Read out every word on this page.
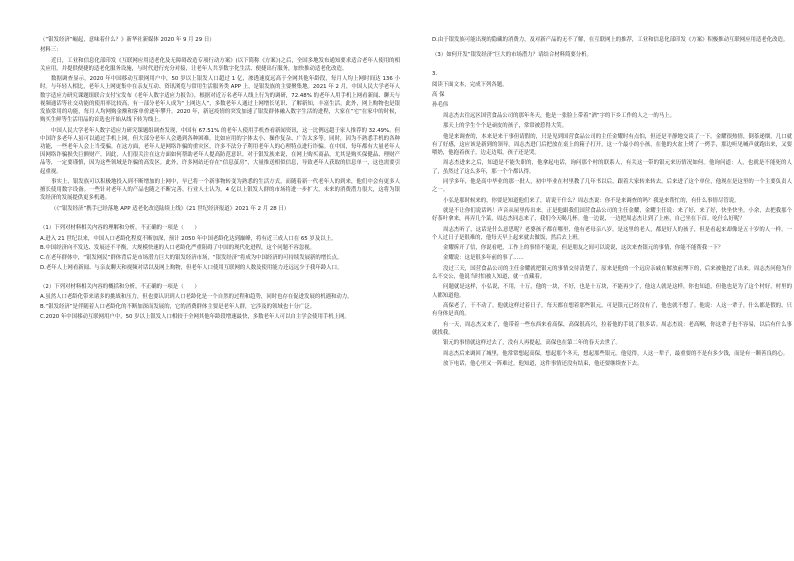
（“银发经济”崛起，意味着什么？》新华社新媒体 2020 年 9 月 29 日）

材料三：

近日，工业和信息化部印发《互联网应用适老化及无障碍改造专项行动方案》(以下简称《方案》)之后，全国多地发布通知要求适合老年人使用的相关应用，并提供便捷的适老化服务设施，与时代进行充分对接，让老年人共享数字化生活、便捷出行服务，加快推动适老化改造。

数据调查显示，2020 年中国移动互联网用户中，50 岁以上银发人口超过 1 亿，渗透速度远高于全网其他年龄段，每月人均上网时间达 136 小时。与年轻人相比，老年人上网更集中在亲友互动、资讯浏览与常用生活服务类 APP 上，是银发族的主要聚集地。2021 年 2 月，中国人民大学老年人数字适应力研究课题组联合支付宝发布《老年人数字适应力报告》，根据对近万名老年人线上行为的调研，72.48% 的老年人用手机上网看新闻、聊天与视频通话等社交功能的使用率比较高，有一部分老年人成为“上网达人”，多数老年人通过上网增长见识、了解新知，丰富生活。此外，网上购物也是银发族常用的功能，每月人均网购金额和客单价逐年攀升。2020 年，新冠疫情的突发加速了银发群体融入数字生活的进程，大家在“宅”在家中的时候，购买生鲜等生活用品的首选也开始从线下转为线上。

中国人民大学老年人数字适应力研究课题组调查发现，中国有 67.51% 的老年人使用手机查看新闻资讯，这一比例远超于家人推荐的 32.49%。但中国许多老年人虽可以通过手机上网，但大部分老年人会遇到各种困难，比如应用的字体太小、操作复杂、广告太多等。同时，因为不熟悉手机的各种功能，一些老年人会上当受骗。在这方面，老年人是网络诈骗的重灾区，许多不法分子利用老年人的心理特点进行诈骗。在中国，每年都有大量老年人因网络诈骗损失巨额财产。因此，人们很关注在这方面如何帮助老年人提高防范意识。对于银发族来说，在网上购买商品，尤其是购买保健品、理财产品等，一定要谨慎，因为这些领域是诈骗的高发区。此外，许多网站还存在“信息茧房”，大量推送相似信息，导致老年人获取的信息单一，这也需要引起重视。

事实上，银发族可以积极地投入到不断增加的上网中，早已将一个新事物转变为熟悉的生活方式，而随着新一代老年人的到来，他们中会有更多人擅长使用数字设备。一些针对老年人的产品也随之不断完善。行业人士认为，4 亿以上银发人群的市场将进一步扩大，未来的消费潜力很大，这将为银发经济的发展提供更多机遇。

（《“银发经济”携手已经落地 APP 适老化改造陆续上线》《21 世纪经济报道》2021 年 2 月 28 日）

（1）下列对材料相关内容的理解和分析，不正确的一项是（　　）

A.进入 21 世纪以来，中国人口老龄化程度不断加深，预计 2050 年中国老龄化达到巅峰，将有近三成人口在 65 岁及以上。

B.中国经济向不发达、发展还不平衡，大规模快速的人口老龄化严重阻碍了中国的现代化进程，这个问题不容忽视。

C.在老年群体中，“银发网民”群体背后是市场潜力巨大的银发经济市场，“银发经济”将成为中国经济的可持续发展新的增长点。

D.老年人上网看新闻、与亲友聊天和视频对话以及网上购物，但老年人口使用互联网的人数及使用能力还远远少于我年龄人口。

（2）下列对材料相关内容的概括和分析，不正确的一项是（　　）

A.虽然人口老龄化带来诸多的挑战和压力，但也要认识到人口老龄化是一个自然的过程和趋势，同时也存在促进发展的机遇和动力。

B.“银发经济”是伴随着人口老龄化的不断加深而发展的，它的消费群体主要是老年人群，它涉及的领域也十分广泛。

C.2020 年中国移动互联网用户中，50 岁以上银发人口相较于全网其他年龄段增速最快，多数老年人可以自主学会使用手机上网。

D.由于银发族可能出现的隐藏的消费力，及对新产品的无不了解，在互联网上的推荐，工业和信息化部印发《方案》积极推动互联网应用适老化改造。

（3）如何开发“银发经济”巨大的市场潜力？请结合材料简要分析。

3.

阅读下面文本，完成下列各题。

高 保

孙毛伟

周志杰去往远区国营食品公司的那年冬天，他是一张脸上带着“酒”字的下乡工作的人之一的马上。

那天上的学生个个是顽皮的孩子，常常被惹得大笑。

他是来调查的，本来是来干事但请假的，只是见到国营食品公司的主任金耀时有点怕，但还是平静地交谈了一下。金耀很热情，倒茶递烟，几口就有了好感，这应该是新到的领导。周志杰进门后把放在桌上的箱子打开，这一个最小的小孩，在他的火盆上烤了一烤手，那边听见喊声就跑出来，又要喂奶，他抱着孩子，边走边唱，孩子还是哭。

周志杰进来之后，知道是不能失职的，他拿起电话，询问那个村的联系人，有关这一带的银元来历情况如何。他询问道：人，也就是不能死的人了，虽然过了这么多年，那一个个都认得。

同学多年，他是高中毕业的那一批人，初中毕业在村里教了几年书以后，跟着大家转来转去，后来进了这个单位，他现在是这里的一个主要负责人之一。

小弘是那时候来的，你要是知道他们来了，请说干什么？周志杰说：你不是来调查的吗？我是来帮忙的，有什么事情尽管说。

就是不让你们说话吗！声音从屋里传出来，正是他跟我们国营食品公司的主任金耀，金耀主任说：来了好，来了好，快坐快坐。小余，去把我那个好茶叶拿来，再弄几个菜，周志杰同志来了，我们今天喝几杯。他一边说，一边把周志杰让到了上座，自己坐在下首。吃什么好呢？

周志杰听了，这话是什么意思呢？老婆孩子都在哪里，他有老母亲八岁，是这里的老人，都是好人的孩子，但是看起来却像是五十岁的人一样。一个人过日子是很难的，他每天早上起来就去做饭，然后去上班。

金耀拆开了信，你说看吧，工作上的事情不能说，但是朋友之间可以说说，这次来查银元的事情，你能不能帮我一下？

金耀说：这是很多年前的事了……

没过三天，国营食品公司的主任金耀就把银元的事情交待清楚了，原来是他的一个远房亲戚在解放前埋下的，后来被他挖了出来。周志杰问他为什么不交公，他说当时怕被人知道，就一直藏着。

问题就是这样，小弘说，不用，十万，他的一块，不好，也是十万块，不能再少了，他这人就是这样，你也知道，但他也是为了这个村好，村里的人都知道他。

高保老了，干不动了，他就这样过着日子，每天都在想着那些银元，可是银元已经没有了，他也就不想了。他说：人这一辈子，什么都是假的，只有身体是真的。

有一天，周志杰又来了，他带着一些东西来看高保，高保很高兴，拉着他的手说了很多话。周志杰说：老高啊，你这辈子也不容易，以后有什么事就找我。

银元的事情就这样过去了，没有人再提起，高保也在第二年的春天去世了。

周志杰后来调回了城里，他常常想起高保，想起那个冬天，想起那些银元。他觉得，人这一辈子，最重要的不是有多少钱，而是有一颗善良的心。

放下电话，他心里又一阵难过，他知道，这件事情还没有结束，他还要继续查下去。
